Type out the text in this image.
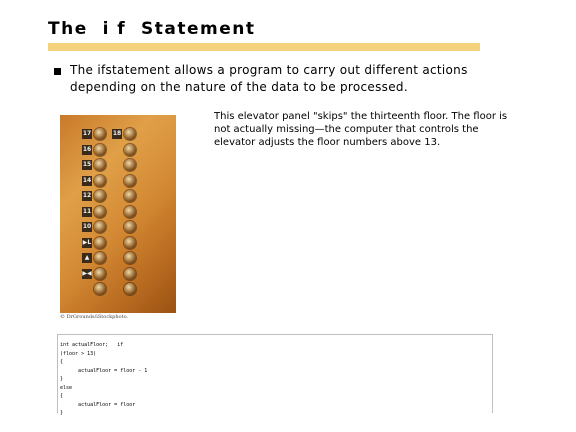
The  i f  Statement
The ifstatement allows a program to carry out different actions depending on the nature of the data to be processed.
17	18
16
15
14
12
11
10
▶L
▲
▶◀
© DrGrounds/iStockphoto.
This elevator panel "skips" the thirteenth floor. The floor is not actually missing—the computer that controls the elevator adjusts the floor numbers above 13.
int actualFloor;   if
(floor > 13)
{
actualFloor = floor - 1
}
else
{
actualFloor = floor
}
